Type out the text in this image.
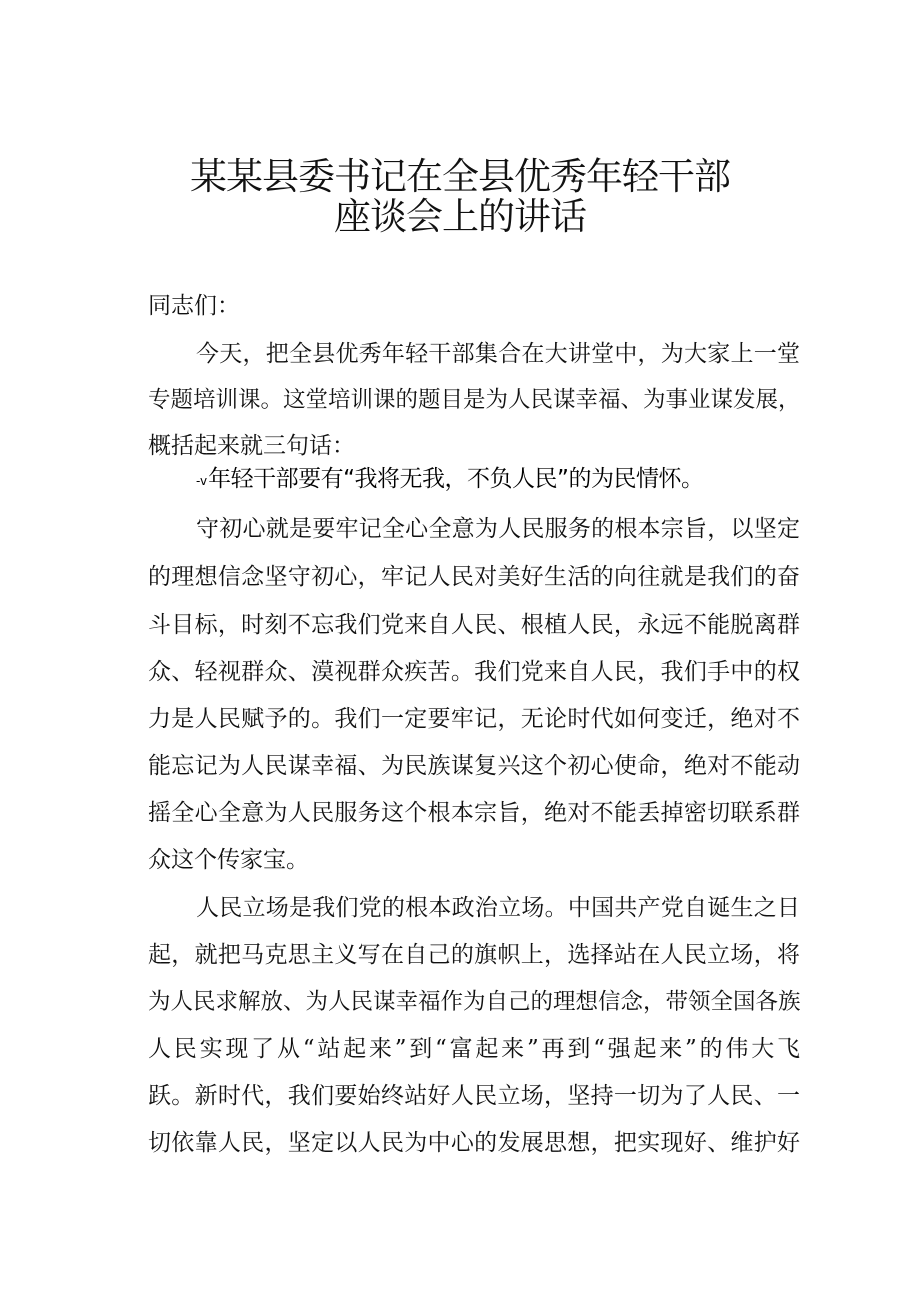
某某县委书记在全县优秀年轻干部
座谈会上的讲话
同志们：
今天，把全县优秀年轻干部集合在大讲堂中，为大家上一堂
专题培训课。这堂培训课的题目是为人民谋幸福、为事业谋发展，
概括起来就三句话：
-v年轻干部要有“我将无我，不负人民”的为民情怀。
守初心就是要牢记全心全意为人民服务的根本宗旨，以坚定
的理想信念坚守初心，牢记人民对美好生活的向往就是我们的奋
斗目标，时刻不忘我们党来自人民、根植人民，永远不能脱离群
众、轻视群众、漠视群众疾苦。我们党来自人民，我们手中的权
力是人民赋予的。我们一定要牢记，无论时代如何变迁，绝对不
能忘记为人民谋幸福、为民族谋复兴这个初心使命，绝对不能动
摇全心全意为人民服务这个根本宗旨，绝对不能丢掉密切联系群
众这个传家宝。
人民立场是我们党的根本政治立场。中国共产党自诞生之日
起，就把马克思主义写在自己的旗帜上，选择站在人民立场，将
为人民求解放、为人民谋幸福作为自己的理想信念，带领全国各族
人民实现了从“站起来”到“富起来”再到“强起来”的伟大飞
跃。新时代，我们要始终站好人民立场，坚持一切为了人民、一
切依靠人民，坚定以人民为中心的发展思想，把实现好、维护好
